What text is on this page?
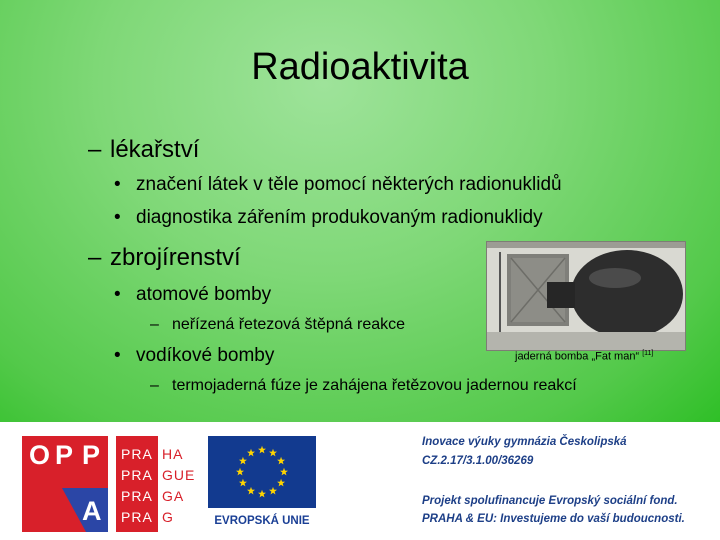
Radioaktivita
– lékařství
• značení látek v těle pomocí některých radionuklidů
• diagnostika zářením produkovaným radionuklidy
– zbrojírenství
• atomové bomby
– neřízená řetezová štěpná reakce
• vodíkové bomby
– termojaderná fúze je zahájena řetězovou jadernou reakcí
jaderná bomba „Fat man“ [11]
O P P
A
PRA
PRA
PRA
PRA
HA
GUE
GA
G	EVROPSKÁ UNIE
Inovace výuky gymnázia Českolipská
CZ.2.17/3.1.00/36269
Projekt spolufinancuje Evropský sociální fond.
PRAHA & EU: Investujeme do vaší budoucnosti.
